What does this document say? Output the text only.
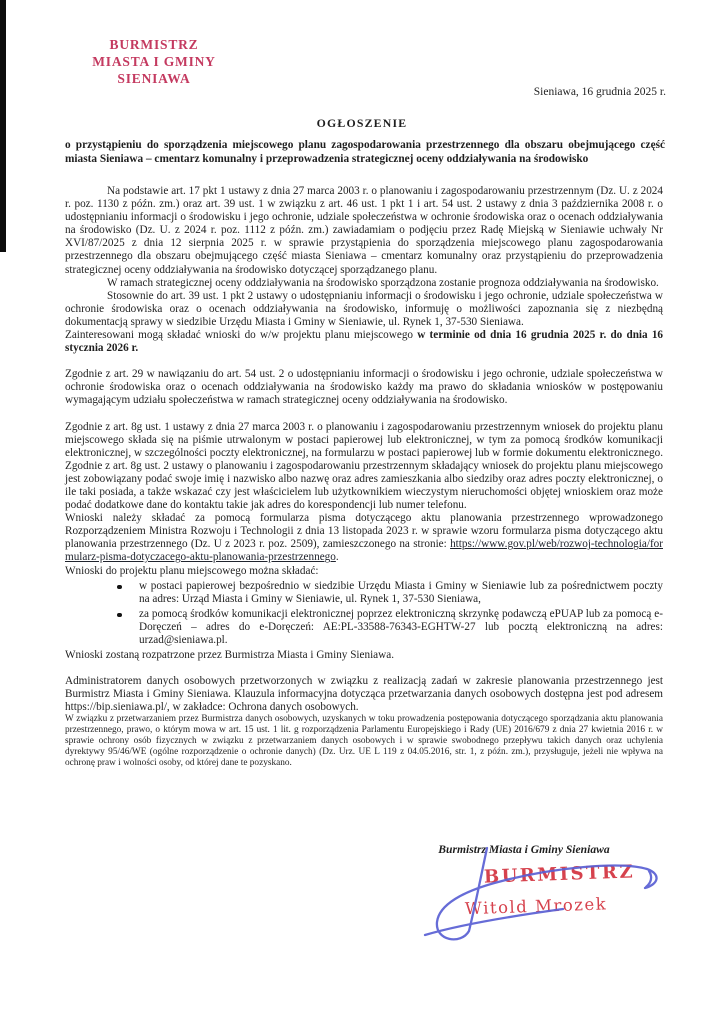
BURMISTRZ
MIASTA I GMINY
SIENIAWA
Sieniawa, 16 grudnia 2025 r.
OGŁOSZENIE
o przystąpieniu do sporządzenia miejscowego planu zagospodarowania przestrzennego dla obszaru obejmującego część miasta Sieniawa – cmentarz komunalny i przeprowadzenia strategicznej oceny oddziaływania na środowisko

Na podstawie art. 17 pkt 1 ustawy z dnia 27 marca 2003 r. o planowaniu i zagospodarowaniu przestrzennym (Dz. U. z 2024 r. poz. 1130 z późn. zm.) oraz art. 39 ust. 1 w związku z art. 46 ust. 1 pkt 1 i art. 54 ust. 2 ustawy z dnia 3 października 2008 r. o udostępnianiu informacji o środowisku i jego ochronie, udziale społeczeństwa w ochronie środowiska oraz o ocenach oddziaływania na środowisko (Dz. U. z 2024 r. poz. 1112 z późn. zm.) zawiadamiam o podjęciu przez Radę Miejską w Sieniawie uchwały Nr XVI/87/2025 z dnia 12 sierpnia 2025 r. w sprawie przystąpienia do sporządzenia miejscowego planu zagospodarowania przestrzennego dla obszaru obejmującego część miasta Sieniawa – cmentarz komunalny oraz przystąpieniu do przeprowadzenia strategicznej oceny oddziaływania na środowisko dotyczącej sporządzanego planu.

W ramach strategicznej oceny oddziaływania na środowisko sporządzona zostanie prognoza oddziaływania na środowisko.

Stosownie do art. 39 ust. 1 pkt 2 ustawy o udostępnianiu informacji o środowisku i jego ochronie, udziale społeczeństwa w ochronie środowiska oraz o ocenach oddziaływania na środowisko, informuję o możliwości zapoznania się z niezbędną dokumentacją sprawy w siedzibie Urzędu Miasta i Gminy w Sieniawie, ul. Rynek 1, 37-530 Sieniawa.

Zainteresowani mogą składać wnioski do w/w projektu planu miejscowego w terminie od dnia 16 grudnia 2025 r. do dnia 16 stycznia 2026 r.

Zgodnie z art. 29 w nawiązaniu do art. 54 ust. 2 o udostępnianiu informacji o środowisku i jego ochronie, udziale społeczeństwa w ochronie środowiska oraz o ocenach oddziaływania na środowisko każdy ma prawo do składania wniosków w postępowaniu wymagającym udziału społeczeństwa w ramach strategicznej oceny oddziaływania na środowisko.

Zgodnie z art. 8g ust. 1 ustawy z dnia 27 marca 2003 r. o planowaniu i zagospodarowaniu przestrzennym wniosek do projektu planu miejscowego składa się na piśmie utrwalonym w postaci papierowej lub elektronicznej, w tym za pomocą środków komunikacji elektronicznej, w szczególności poczty elektronicznej, na formularzu w postaci papierowej lub w formie dokumentu elektronicznego.

Zgodnie z art. 8g ust. 2 ustawy o planowaniu i zagospodarowaniu przestrzennym składający wniosek do projektu planu miejscowego jest zobowiązany podać swoje imię i nazwisko albo nazwę oraz adres zamieszkania albo siedziby oraz adres poczty elektronicznej, o ile taki posiada, a także wskazać czy jest właścicielem lub użytkownikiem wieczystym nieruchomości objętej wnioskiem oraz może podać dodatkowe dane do kontaktu takie jak adres do korespondencji lub numer telefonu.

Wnioski należy składać za pomocą formularza pisma dotyczącego aktu planowania przestrzennego wprowadzonego Rozporządzeniem Ministra Rozwoju i Technologii z dnia 13 listopada 2023 r. w sprawie wzoru formularza pisma dotyczącego aktu planowania przestrzennego (Dz. U z 2023 r. poz. 2509), zamieszczonego na stronie: https://www.gov.pl/web/rozwoj-technologia/formularz-pisma-dotyczacego-aktu-planowania-przestrzennego.

Wnioski do projektu planu miejscowego można składać:

w postaci papierowej bezpośrednio w siedzibie Urzędu Miasta i Gminy w Sieniawie lub za pośrednictwem poczty na adres: Urząd Miasta i Gminy w Sieniawie, ul. Rynek 1, 37-530 Sieniawa,
za pomocą środków komunikacji elektronicznej poprzez elektroniczną skrzynkę podawczą ePUAP lub za pomocą e-Doręczeń – adres do e-Doręczeń: AE:PL-33588-76343-EGHTW-27 lub pocztą elektroniczną na adres: urzad@sieniawa.pl.

Wnioski zostaną rozpatrzone przez Burmistrza Miasta i Gminy Sieniawa.

Administratorem danych osobowych przetworzonych w związku z realizacją zadań w zakresie planowania przestrzennego jest Burmistrz Miasta i Gminy Sieniawa. Klauzula informacyjna dotycząca przetwarzania danych osobowych dostępna jest pod adresem https://bip.sieniawa.pl/, w zakładce: Ochrona danych osobowych.

W związku z przetwarzaniem przez Burmistrza danych osobowych, uzyskanych w toku prowadzenia postępowania dotyczącego sporządzania aktu planowania przestrzennego, prawo, o którym mowa w art. 15 ust. 1 lit. g rozporządzenia Parlamentu Europejskiego i Rady (UE) 2016/679 z dnia 27 kwietnia 2016 r. w sprawie ochrony osób fizycznych w związku z przetwarzaniem danych osobowych i w sprawie swobodnego przepływu takich danych oraz uchylenia dyrektywy 95/46/WE (ogólne rozporządzenie o ochronie danych) (Dz. Urz. UE L 119 z 04.05.2016, str. 1, z późn. zm.), przysługuje, jeżeli nie wpływa na ochronę praw i wolności osoby, od której dane te pozyskano.

Burmistrz Miasta i Gminy Sieniawa
BURMISTRZ
Witold Mrozek
